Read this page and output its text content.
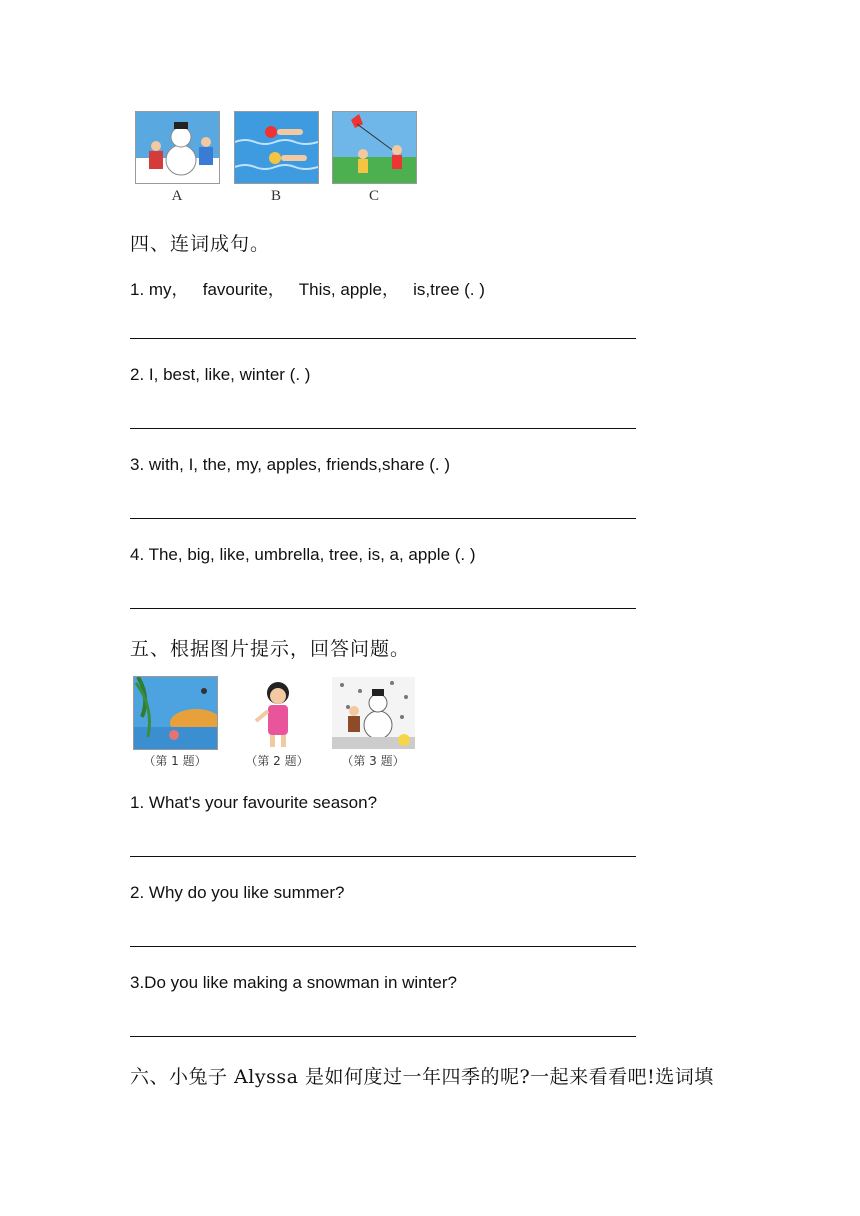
A	B	C
四、连词成句。
1. my，   favourite，   This, apple，   is,tree (. )
2. I, best, like, winter (. )
3. with, I, the, my, apples, friends,share (. )
4. The, big, like, umbrella, tree, is, a, apple (. )
五、根据图片提示，回答问题。
（第 1 题）	（第 2 题）	（第 3 题）
1. What's your favourite season?
2. Why do you like summer?
3.Do you like making a snowman in winter?
六、小兔子 Alyssa 是如何度过一年四季的呢?一起来看看吧!选词填
